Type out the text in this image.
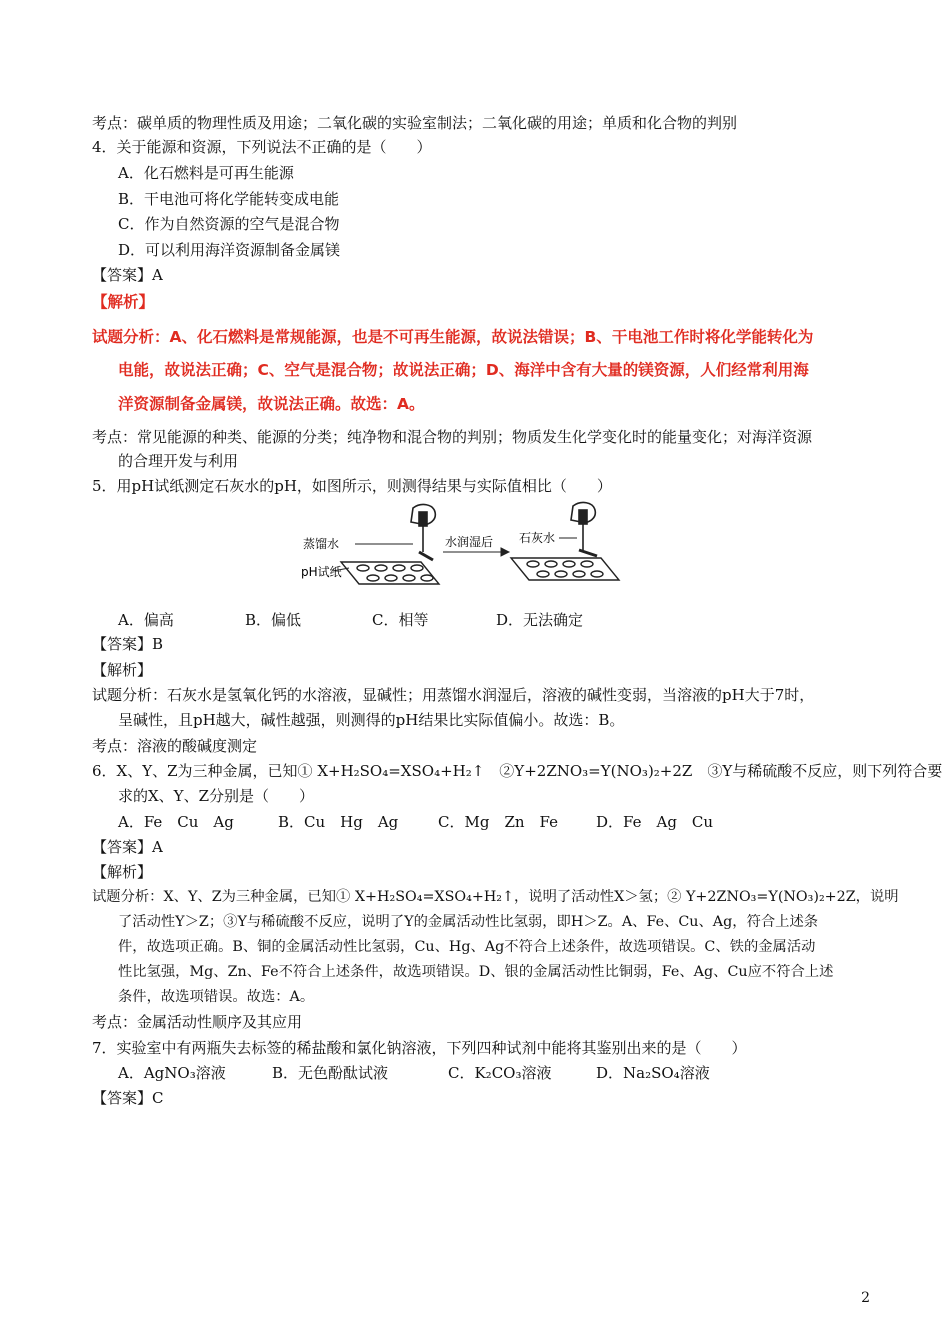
考点：碳单质的物理性质及用途；二氧化碳的实验室制法；二氧化碳的用途；单质和化合物的判别
4．关于能源和资源，下列说法不正确的是（　　）
A．化石燃料是可再生能源
B．干电池可将化学能转变成电能
C．作为自然资源的空气是混合物
D．可以利用海洋资源制备金属镁
【答案】A
【解析】
试题分析：A、化石燃料是常规能源，也是不可再生能源，故说法错误；B、干电池工作时将化学能转化为
电能，故说法正确；C、空气是混合物；故说法正确；D、海洋中含有大量的镁资源，人们经常利用海
洋资源制备金属镁，故说法正确。故选：A。
考点：常见能源的种类、能源的分类；纯净物和混合物的判别；物质发生化学变化时的能量变化；对海洋资源
的合理开发与利用
5．用pH试纸测定石灰水的pH，如图所示，则测得结果与实际值相比（　　）
蒸馏水
pH试纸
水润湿后 石灰水
A．偏高	B．偏低	C．相等	D．无法确定
【答案】B
【解析】
试题分析：石灰水是氢氧化钙的水溶液，显碱性；用蒸馏水润湿后，溶液的碱性变弱，当溶液的pH大于7时，
呈碱性，且pH越大，碱性越强，则测得的pH结果比实际值偏小。故选：B。
考点：溶液的酸碱度测定
6．X、Y、Z为三种金属，已知① X+H₂SO₄=XSO₄+H₂↑　②Y+2ZNO₃=Y(NO₃)₂+2Z　③Y与稀硫酸不反应，则下列符合要
求的X、Y、Z分别是（　　）
A．Fe　Cu　Ag	B．Cu　Hg　Ag	C．Mg　Zn　Fe	D．Fe　Ag　Cu
【答案】A
【解析】
试题分析：X、Y、Z为三种金属，已知① X+H₂SO₄=XSO₄+H₂↑，说明了活动性X＞氢；② Y+2ZNO₃=Y(NO₃)₂+2Z，说明
了活动性Y＞Z；③Y与稀硫酸不反应，说明了Y的金属活动性比氢弱，即H＞Z。A、Fe、Cu、Ag，符合上述条
件，故选项正确。B、铜的金属活动性比氢弱，Cu、Hg、Ag不符合上述条件，故选项错误。C、铁的金属活动
性比氢强，Mg、Zn、Fe不符合上述条件，故选项错误。D、银的金属活动性比铜弱，Fe、Ag、Cu应不符合上述
条件，故选项错误。故选：A。
考点：金属活动性顺序及其应用
7．实验室中有两瓶失去标签的稀盐酸和氯化钠溶液，下列四种试剂中能将其鉴别出来的是（　　）
A．AgNO₃溶液	B．无色酚酞试液	C．K₂CO₃溶液	D．Na₂SO₄溶液
【答案】C
2
